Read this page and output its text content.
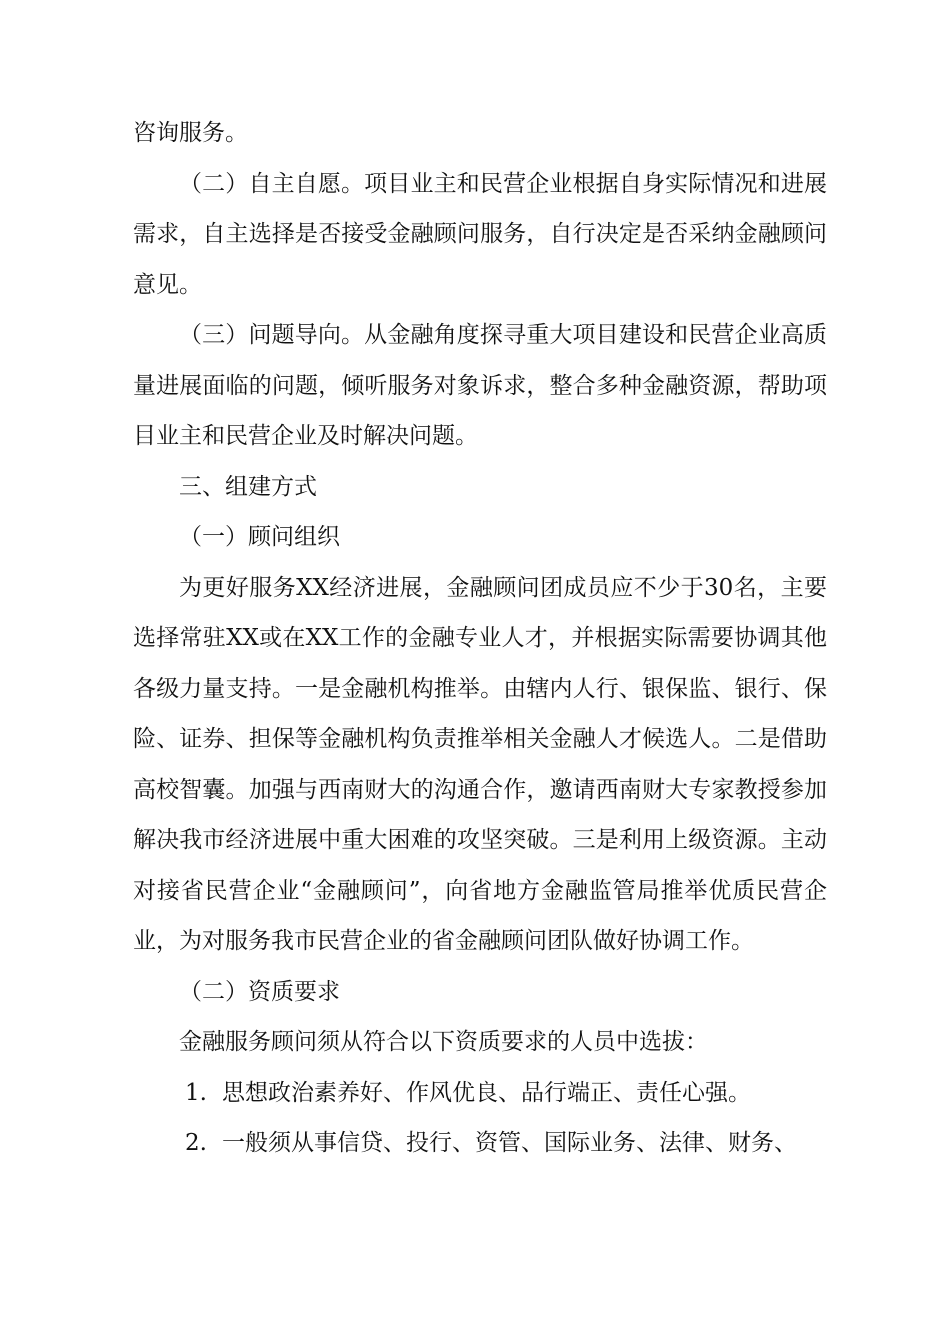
咨询服务。

（二）自主自愿。项目业主和民营企业根据自身实际情况和进展需求，自主选择是否接受金融顾问服务，自行决定是否采纳金融顾问意见。

（三）问题导向。从金融角度探寻重大项目建设和民营企业高质量进展面临的问题，倾听服务对象诉求，整合多种金融资源，帮助项目业主和民营企业及时解决问题。

三、组建方式

（一）顾问组织

为更好服务XX经济进展，金融顾问团成员应不少于30名，主要选择常驻XX或在XX工作的金融专业人才，并根据实际需要协调其他各级力量支持。一是金融机构推举。由辖内人行、银保监、银行、保险、证券、担保等金融机构负责推举相关金融人才候选人。二是借助高校智囊。加强与西南财大的沟通合作，邀请西南财大专家教授参加解决我市经济进展中重大困难的攻坚突破。三是利用上级资源。主动对接省民营企业“金融顾问”，向省地方金融监管局推举优质民营企业，为对服务我市民营企业的省金融顾问团队做好协调工作。

（二）资质要求

金融服务顾问须从符合以下资质要求的人员中选拔：

1. 思想政治素养好、作风优良、品行端正、责任心强。
2. 一般须从事信贷、投行、资管、国际业务、法律、财务、
